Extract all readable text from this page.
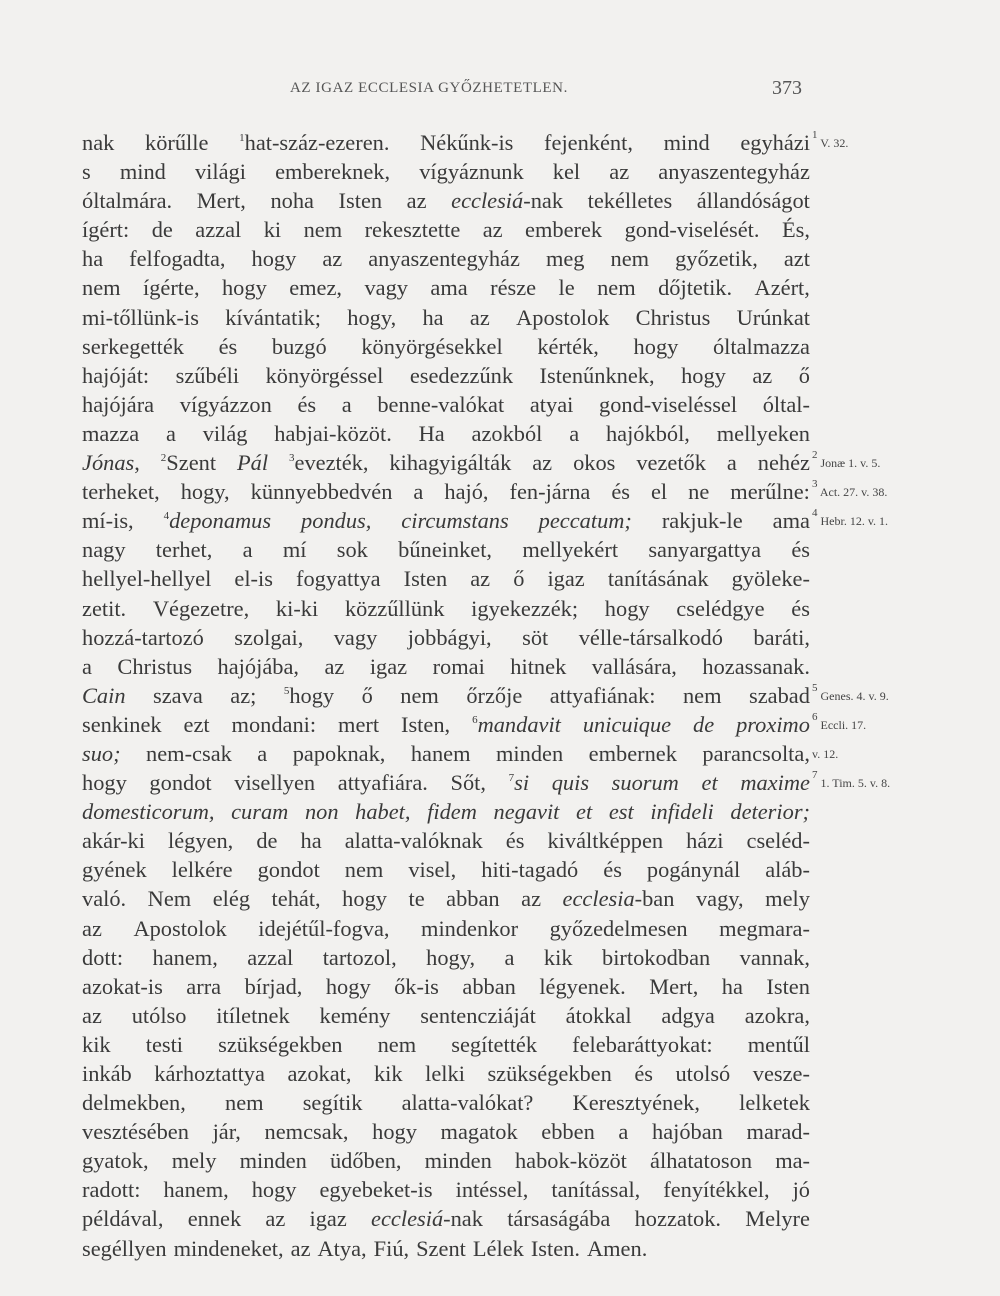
AZ IGAZ ECCLESIA GYŐZHETETLEN.	373
nak körűlle	$^1$hat-száz-ezeren. Nékűnk-is fejenként, mind egyházi
s mind világi embereknek, vígyáznunk kel az anyaszentegyház
óltalmára. Mert, noha Isten az ecclesiá-nak tekélletes állandóságot
ígért: de azzal ki nem rekesztette az emberek gond-viselését. És,
ha felfogadta, hogy az anyaszentegyház meg nem győzetik, azt
nem ígérte, hogy emez, vagy ama része le nem dőjtetik. Azért,
mi-tőllünk-is kívántatik; hogy, ha az Apostolok Christus Urúnkat
serkegették és buzgó könyörgésekkel kérték, hogy óltalmazza
hajóját: szűbéli könyörgéssel esedezzűnk Istenűnknek, hogy az ő
hajójára vígyázzon és a benne-valókat atyai gond-viseléssel óltal-
mazza a világ habjai-közöt. Ha azokból a hajókból, mellyeken
Jónas, $^2$Szent Pál $^3$evezték, kihagyigálták az okos vezetők a nehéz
terheket, hogy, künnyebbedvén a hajó, fen-járna és el ne merűlne:
mí-is,	$^4$deponamus pondus, circumstans peccatum; rakjuk-le ama
nagy terhet, a mí sok bűneinket, mellyekért sanyargattya és
hellyel-hellyel el-is fogyattya Isten az ő igaz tanításának gyöleke-
zetit. Végezetre, ki-ki közzűllünk igyekezzék; hogy cselédgye és
hozzá-tartozó szolgai, vagy jobbágyi, söt vélle-társalkodó baráti,
a Christus hajójába, az igaz romai hitnek vallására, hozassanak.
Cain szava az; $^5$hogy ő nem őrzője attyafiának: nem szabad
senkinek ezt mondani: mert Isten, $^6$mandavit unicuique de proximo
suo; nem-csak a papoknak, hanem minden embernek parancsolta,
hogy gondot visellyen attyafiára. Sőt, $^7$si quis suorum et maxime
domesticorum, curam non habet, fidem negavit et est infideli deterior;
akár-ki légyen, de ha alatta-valóknak és kiváltképpen házi cseléd-
gyének lelkére gondot nem visel, hiti-tagadó és pogánynál aláb-
való. Nem elég tehát, hogy te abban az ecclesia-ban vagy, mely
az Apostolok idejétűl-fogva, mindenkor győzedelmesen megmara-
dott: hanem, azzal tartozol, hogy, a kik birtokodban vannak,
azokat-is arra bírjad, hogy ők-is abban légyenek. Mert, ha Isten
az utólso itíletnek kemény sentencziáját átokkal adgya azokra,
kik testi szükségekben nem segítették felebaráttyokat: mentűl
inkáb kárhoztattya azokat, kik lelki szükségekben és utolsó vesze-
delmekben, nem segítik alatta-valókat? Keresztyének, lelketek
vesztésében jár, nemcsak, hogy magatok ebben a hajóban marad-
gyatok, mely minden üdőben, minden habok-közöt álhatatoson ma-
radott: hanem, hogy egyebeket-is intéssel, tanítással, fenyítékkel, jó
példával, ennek az igaz ecclesiá-nak társaságába hozzatok. Melyre
segéllyen mindeneket, az Atya, Fiú, Szent Lélek Isten. Amen.
$^1$ V. 32.
$^2$ Jonæ 1. v. 5.
$^3$ Act. 27. v. 38.
$^4$ Hebr. 12. v. 1.
$^5$ Genes. 4. v. 9.
$^6$ Eccli. 17.
v. 12.
$^7$ 1. Tim. 5. v. 8.
